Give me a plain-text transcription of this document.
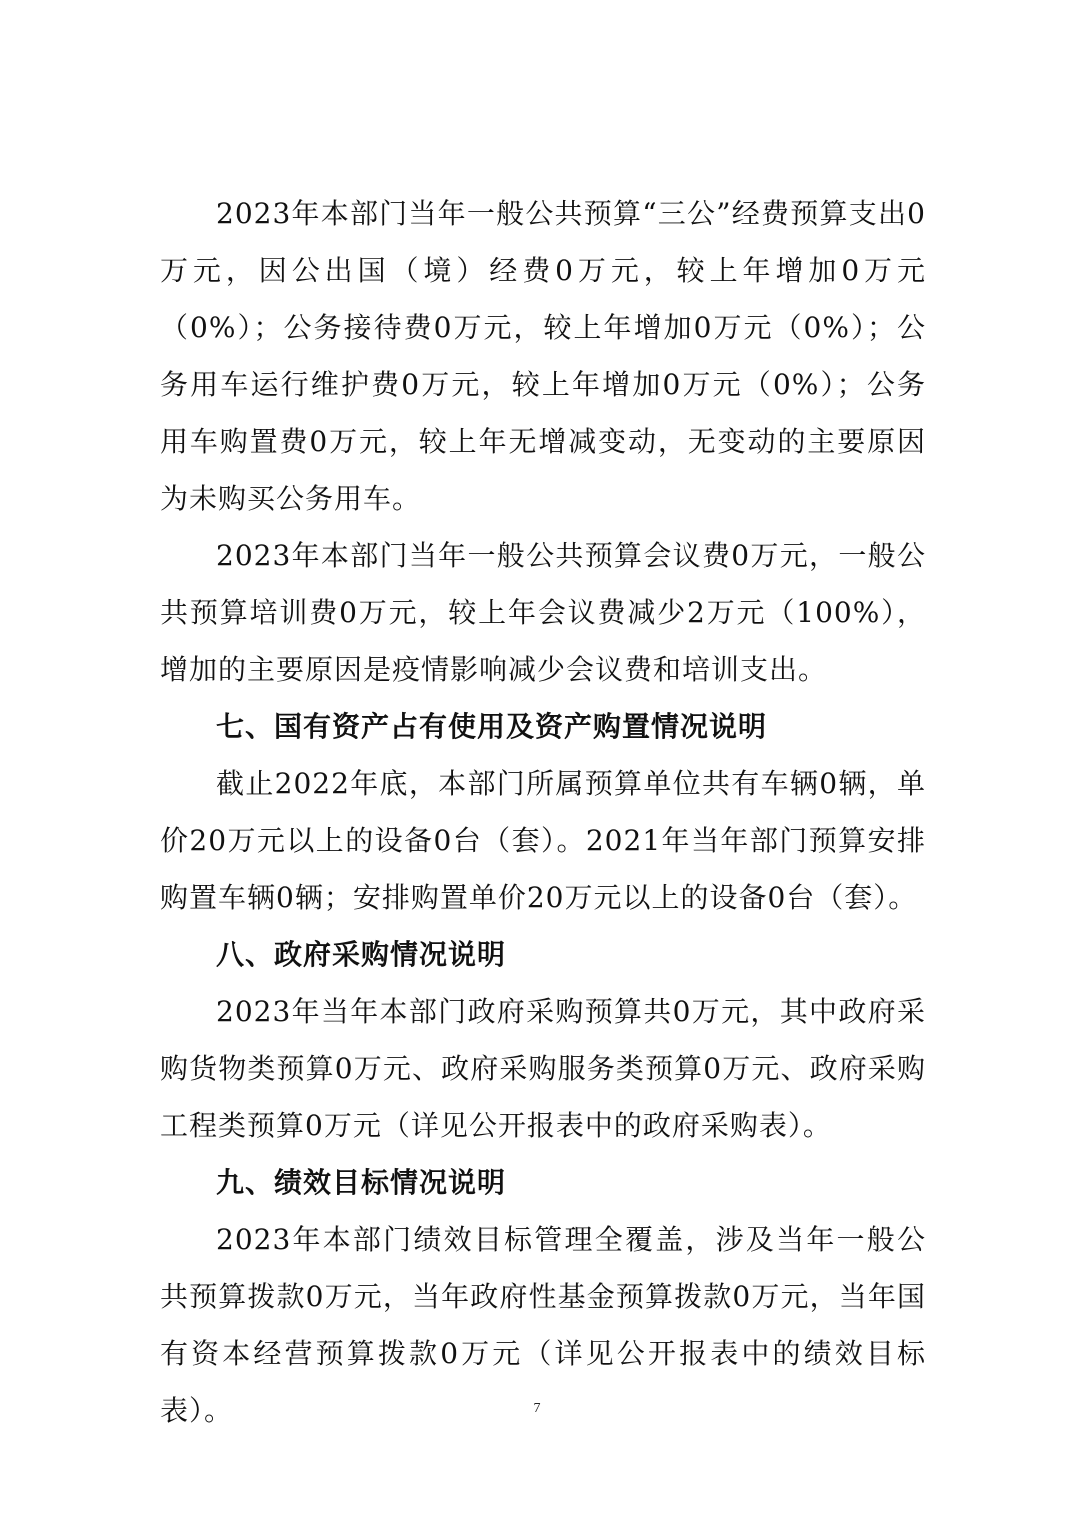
2023年本部门当年一般公共预算“三公”经费预算支出0万元，因公出国（境）经费0万元，较上年增加0万元（0%）；公务接待费0万元，较上年增加0万元（0%）；公务用车运行维护费0万元，较上年增加0万元（0%）；公务用车购置费0万元，较上年无增减变动，无变动的主要原因为未购买公务用车。

2023年本部门当年一般公共预算会议费0万元，一般公共预算培训费0万元，较上年会议费减少2万元（100%），增加的主要原因是疫情影响减少会议费和培训支出。

七、国有资产占有使用及资产购置情况说明

截止2022年底，本部门所属预算单位共有车辆0辆，单价20万元以上的设备0台（套）。2021年当年部门预算安排购置车辆0辆；安排购置单价20万元以上的设备0台（套）。

八、政府采购情况说明

2023年当年本部门政府采购预算共0万元，其中政府采购货物类预算0万元、政府采购服务类预算0万元、政府采购工程类预算0万元（详见公开报表中的政府采购表）。

九、绩效目标情况说明

2023年本部门绩效目标管理全覆盖，涉及当年一般公共预算拨款0万元，当年政府性基金预算拨款0万元，当年国有资本经营预算拨款0万元（详见公开报表中的绩效目标表）。	7
